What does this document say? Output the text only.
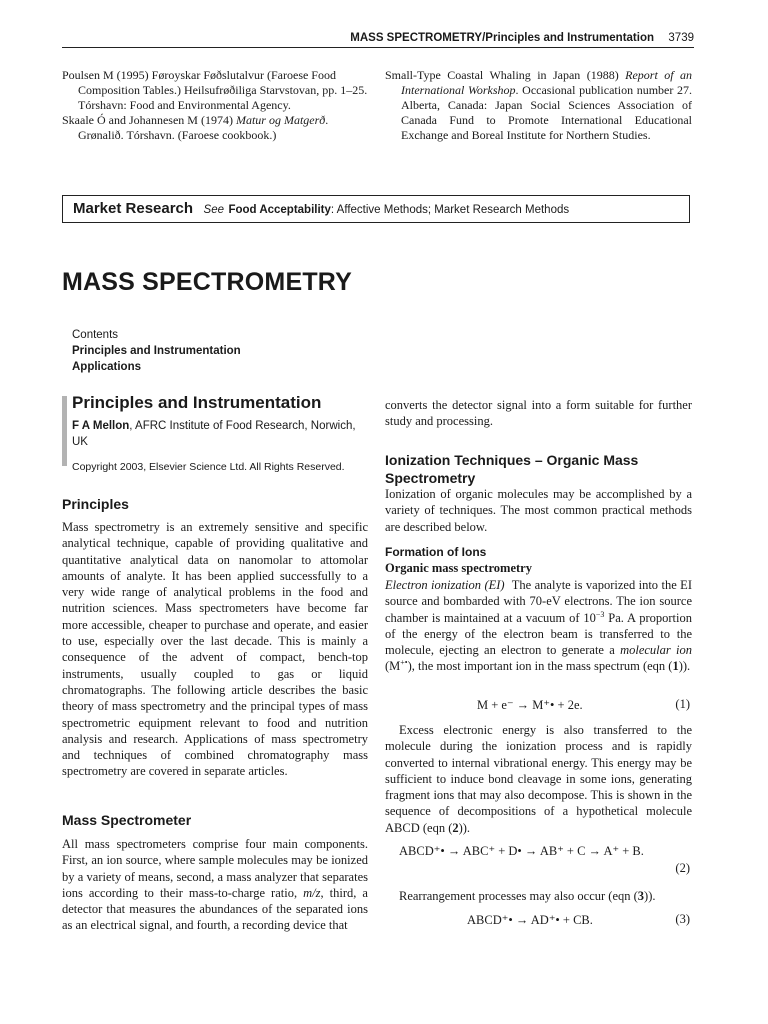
MASS SPECTROMETRY/Principles and Instrumentation 3739

Poulsen M (1995) Føroyskar Føðslutalvur (Faroese Food Composition Tables.) Heilsufrøðiliga Starvstovan, pp. 1–25. Tórshavn: Food and Environmental Agency.

Skaale Ó and Johannesen M (1974) Matur og Matgerð. Grønalið. Tórshavn. (Faroese cookbook.)

Small-Type Coastal Whaling in Japan (1988) Report of an International Workshop. Occasional publication number 27. Alberta, Canada: Japan Social Sciences Association of Canada Fund to Promote International Educational Exchange and Boreal Institute for Northern Studies.

Market Research See Food Acceptability: Affective Methods; Market Research Methods
MASS SPECTROMETRY
Contents
Principles and Instrumentation
Applications
Principles and Instrumentation
F A Mellon, AFRC Institute of Food Research, Norwich, UK
Copyright 2003, Elsevier Science Ltd. All Rights Reserved.
Principles

Mass spectrometry is an extremely sensitive and specific analytical technique, capable of providing qualitative and quantitative analytical data on nanomolar to attomolar amounts of analyte. It has been applied successfully to a very wide range of analytical problems in the food and nutrition sciences. Mass spectrometers have become far more accessible, cheaper to purchase and operate, and easier to use, especially over the last decade. This is mainly a consequence of the advent of compact, bench-top instruments, usually coupled to gas or liquid chromatographs. The following article describes the basic theory of mass spectrometry and the principal types of mass spectrometric equipment relevant to food and nutrition analysis and research. Applications of mass spectrometry and techniques of combined chromatography mass spectrometry are covered in separate articles.

Mass Spectrometer

All mass spectrometers comprise four main components. First, an ion source, where sample molecules may be ionized by a variety of means, second, a mass analyzer that separates ions according to their mass-to-charge ratio, m/z, third, a detector that measures the abundances of the separated ions as an electrical signal, and fourth, a recording device that

converts the detector signal into a form suitable for further study and processing.

Ionization Techniques – Organic Mass Spectrometry

Ionization of organic molecules may be accomplished by a variety of techniques. The most common practical methods are described below.

Formation of Ions
Organic mass spectrometry

Electron ionization (EI) The analyte is vaporized into the EI source and bombarded with 70-eV electrons. The ion source chamber is maintained at a vacuum of $10^{-3}$ Pa. A proportion of the energy of the electron beam is transferred to the molecule, ejecting an electron to generate a molecular ion (M+•), the most important ion in the mass spectrum (eqn (1)).

M + e⁻ → M⁺• + 2e.	(1)

Excess electronic energy is also transferred to the molecule during the ionization process and is rapidly converted to internal vibrational energy. This energy may be sufficient to induce bond cleavage in some ions, generating fragment ions that may also decompose. This is shown in the sequence of decompositions of a hypothetical molecule ABCD (eqn (2)).

ABCD⁺• → ABC⁺ + D• → AB⁺ + C → A⁺ + B.
(2)

Rearrangement processes may also occur (eqn (3)).

ABCD⁺• → AD⁺• + CB.	(3)
